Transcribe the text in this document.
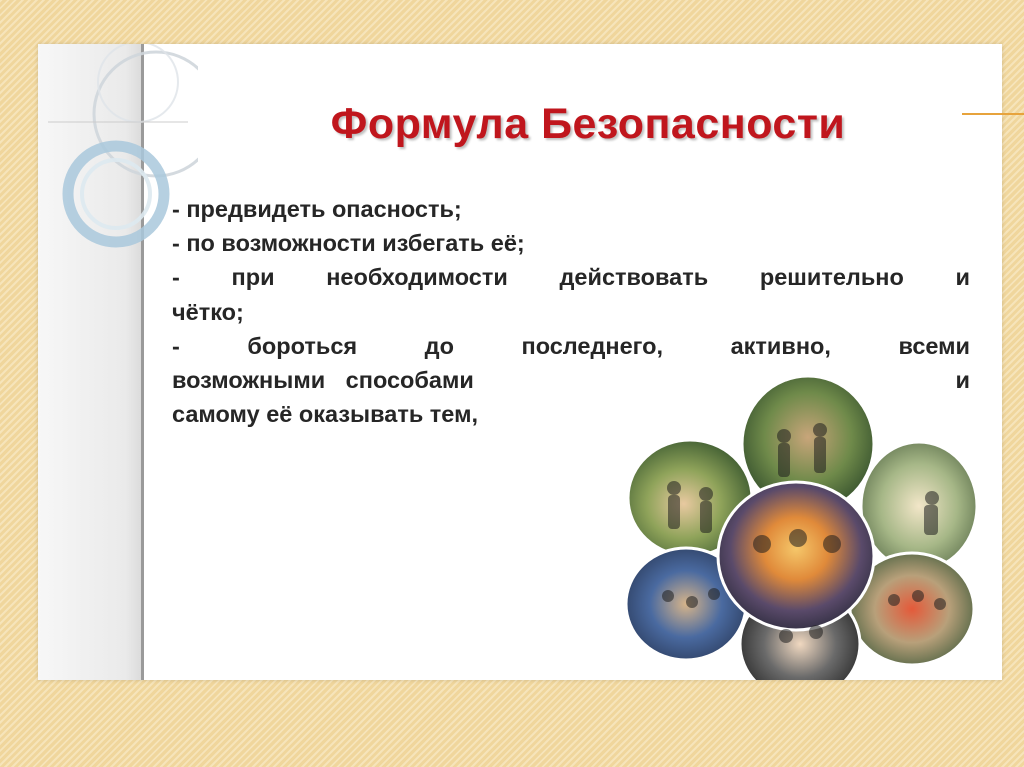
Формула Безопасности
- предвидеть опасность;
- по возможности избегать её;
- при необходимости действовать решительно и
чётко;
- бороться до последнего, активно, всеми
возможными способами	и
самому её оказывать тем,
